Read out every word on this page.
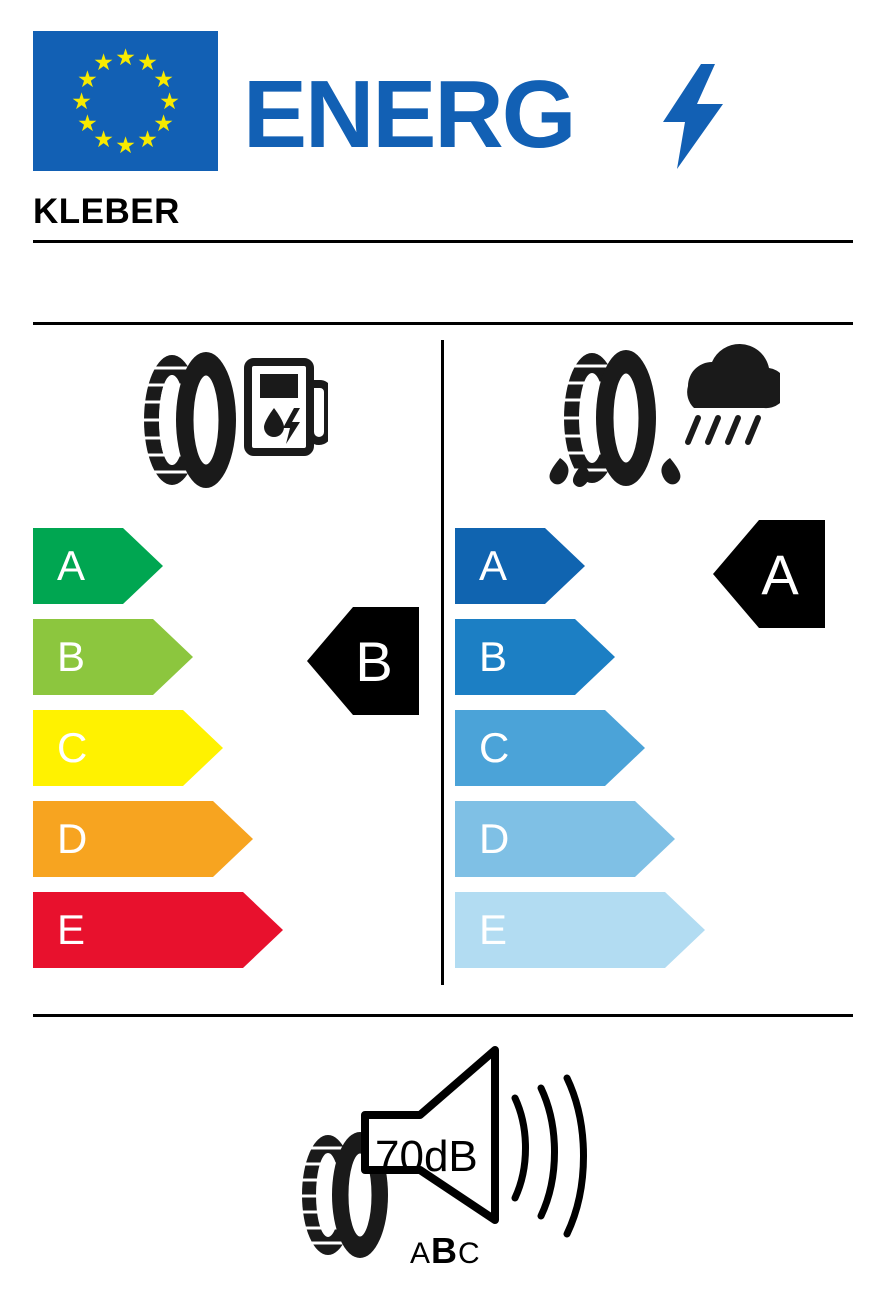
★ ★
★
★
★
★
★
★
★
★
★
★ ENERG
KLEBER
A
B
C
D
E
A
B
C
D
E
B
A
70dB
ABC
